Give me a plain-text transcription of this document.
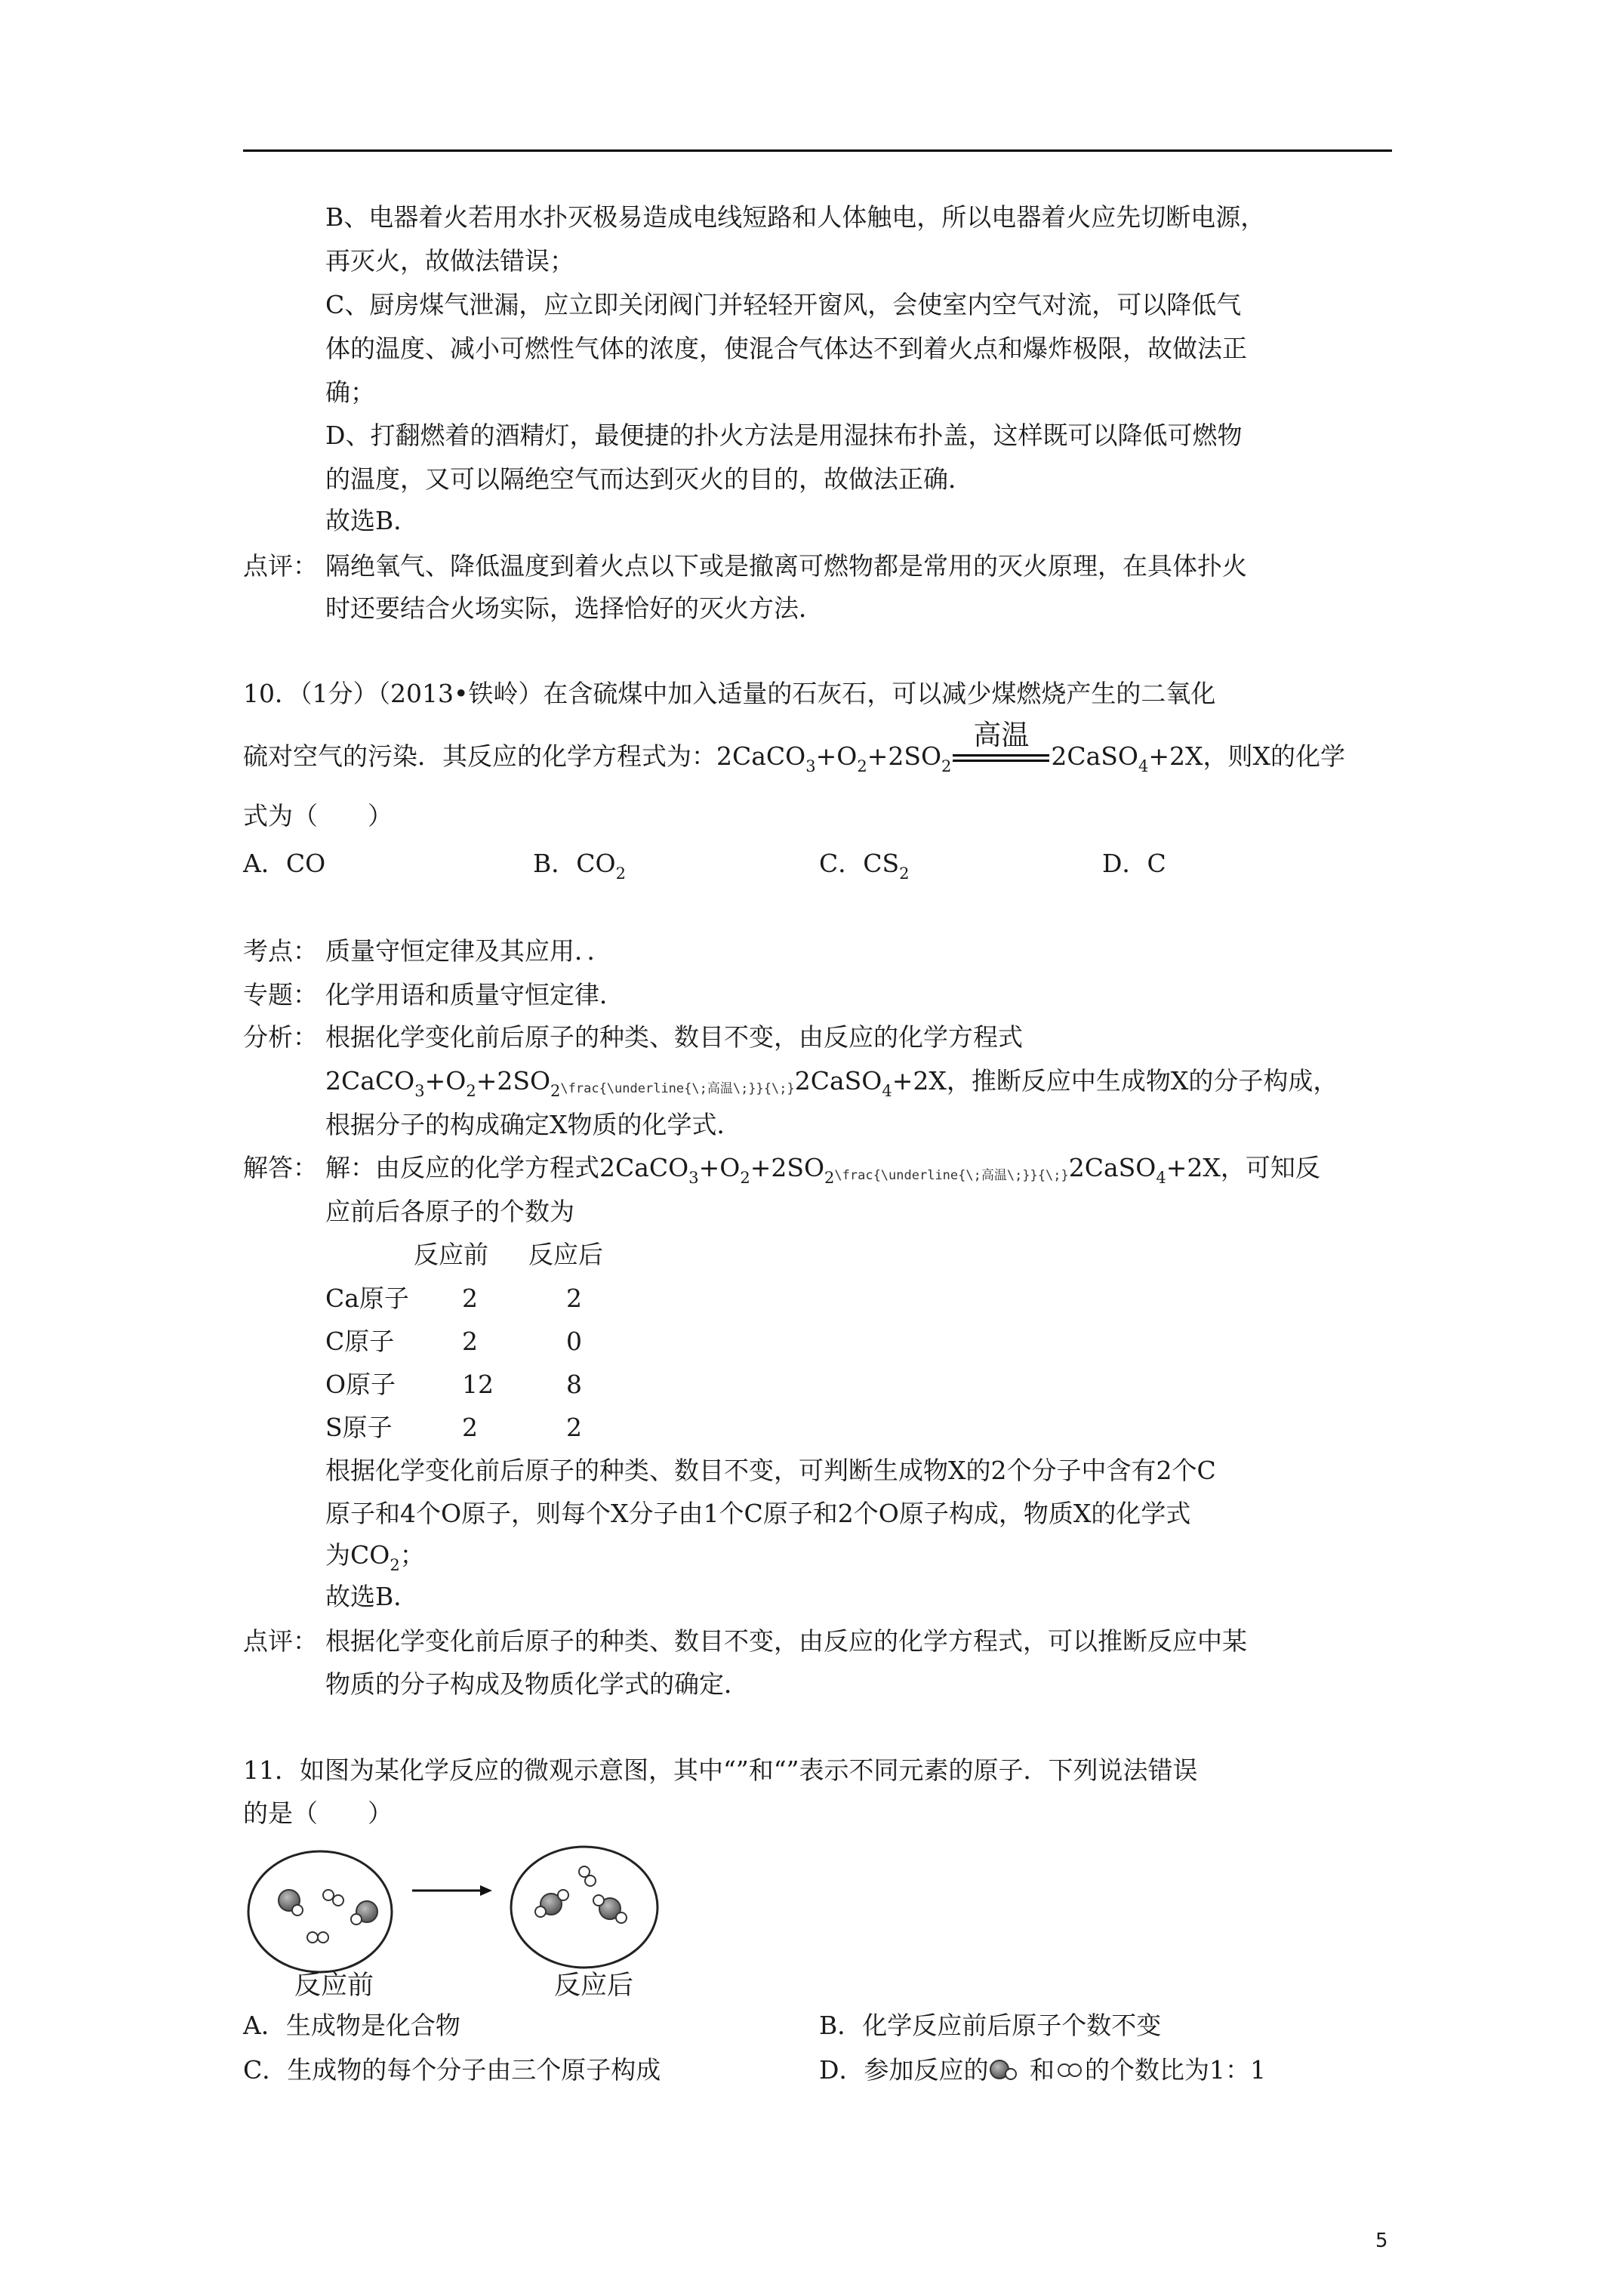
B、电器着火若用水扑灭极易造成电线短路和人体触电，所以电器着火应先切断电源，
再灭火，故做法错误；
C、厨房煤气泄漏，应立即关闭阀门并轻轻开窗风，会使室内空气对流，可以降低气
体的温度、减小可燃性气体的浓度，使混合气体达不到着火点和爆炸极限，故做法正
确；
D、打翻燃着的酒精灯，最便捷的扑火方法是用湿抹布扑盖，这样既可以降低可燃物
的温度，又可以隔绝空气而达到灭火的目的，故做法正确．
故选B．
点评： 隔绝氧气、降低温度到着火点以下或是撤离可燃物都是常用的灭火原理，在具体扑火
时还要结合火场实际，选择恰好的灭火方法．
10．（1分）（2013•铁岭）在含硫煤中加入适量的石灰石，可以减少煤燃烧产生的二氧化
硫对空气的污染．其反应的化学方程式为：$2CaCO_3+O_2+2SO_2$
高温
2CaSO$_4$+2X，则X的化学
式为（　　）
A．CO	B．$CO_2$	C．$CS_2$	D．C
考点： 质量守恒定律及其应用．．
专题： 化学用语和质量守恒定律．
分析： 根据化学变化前后原子的种类、数目不变，由反应的化学方程式
$2CaCO_3+O_2+2SO_2\backslash frac\{\backslash underline\{\backslash$;高温\;}}{\;}2CaSO$_4$+2X，推断反应中生成物X的分子构成，
根据分子的构成确定X物质的化学式．
解答： 解：由反应的化学方程式$2CaCO_3+O_2+2SO_2\backslash frac\{\backslash underline\{\backslash$;高温\;}}{\;}2CaSO$_4$+2X，可知反
应前后各原子的个数为
反应前 反应后
Ca原子 2	2
C原子	2	0
O原子	12	8
S原子	2	2
根据化学变化前后原子的种类、数目不变，可判断生成物X的2个分子中含有2个C
原子和4个O原子，则每个X分子由1个C原子和2个O原子构成，物质X的化学式
为$CO_2$；
故选B．
点评： 根据化学变化前后原子的种类、数目不变，由反应的化学方程式，可以推断反应中某
物质的分子构成及物质化学式的确定．
11．如图为某化学反应的微观示意图，其中“”和“”表示不同元素的原子．下列说法错误
的是（　　）
反应前	反应后
A．生成物是化合物	B．化学反应前后原子个数不变
C．生成物的每个分子由三个原子构成	D．参加反应的 和 的个数比为1：1
5
